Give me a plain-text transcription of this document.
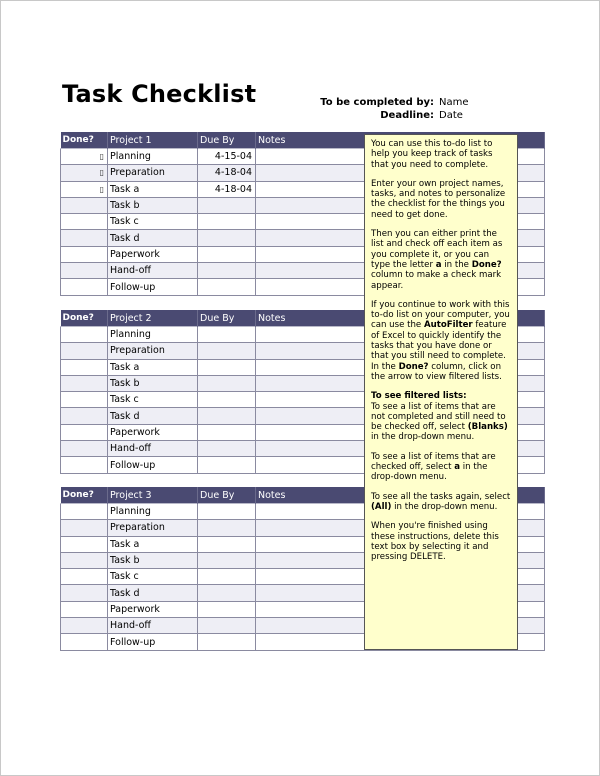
Task Checklist	To be completed by: Name
Deadline: Date
Done?	Project 1	Due By	Notes
▯	Planning	4-15-04	
▯	Preparation	4-18-04	
▯	Task a	4-18-04	
	Task b		
	Task c		
	Task d		
	Paperwork		
	Hand-off		
	Follow-up		
Done?	Project 2	Due By	Notes
	Planning		
	Preparation		
	Task a		
	Task b		
	Task c		
	Task d		
	Paperwork		
	Hand-off		
	Follow-up		
Done?	Project 3	Due By	Notes
	Planning		
	Preparation		
	Task a		
	Task b		
	Task c		
	Task d		
	Paperwork		
	Hand-off		
	Follow-up		

You can use this to-do list to help you keep track of tasks that you need to complete.

Enter your own project names, tasks, and notes to personalize the checklist for the things you need to get done.

Then you can either print the list and check off each item as you complete it, or you can type the letter a in the Done? column to make a check mark appear.

If you continue to work with this to-do list on your computer, you can use the AutoFilter feature of Excel to quickly identify the tasks that you have done or that you still need to complete. In the Done? column, click on the arrow to view filtered lists.

To see filtered lists:

To see a list of items that are not completed and still need to be checked off, select (Blanks) in the drop-down menu.

To see a list of items that are checked off, select a in the drop-down menu.

To see all the tasks again, select (All) in the drop-down menu.

When you're finished using these instructions, delete this text box by selecting it and pressing DELETE.
